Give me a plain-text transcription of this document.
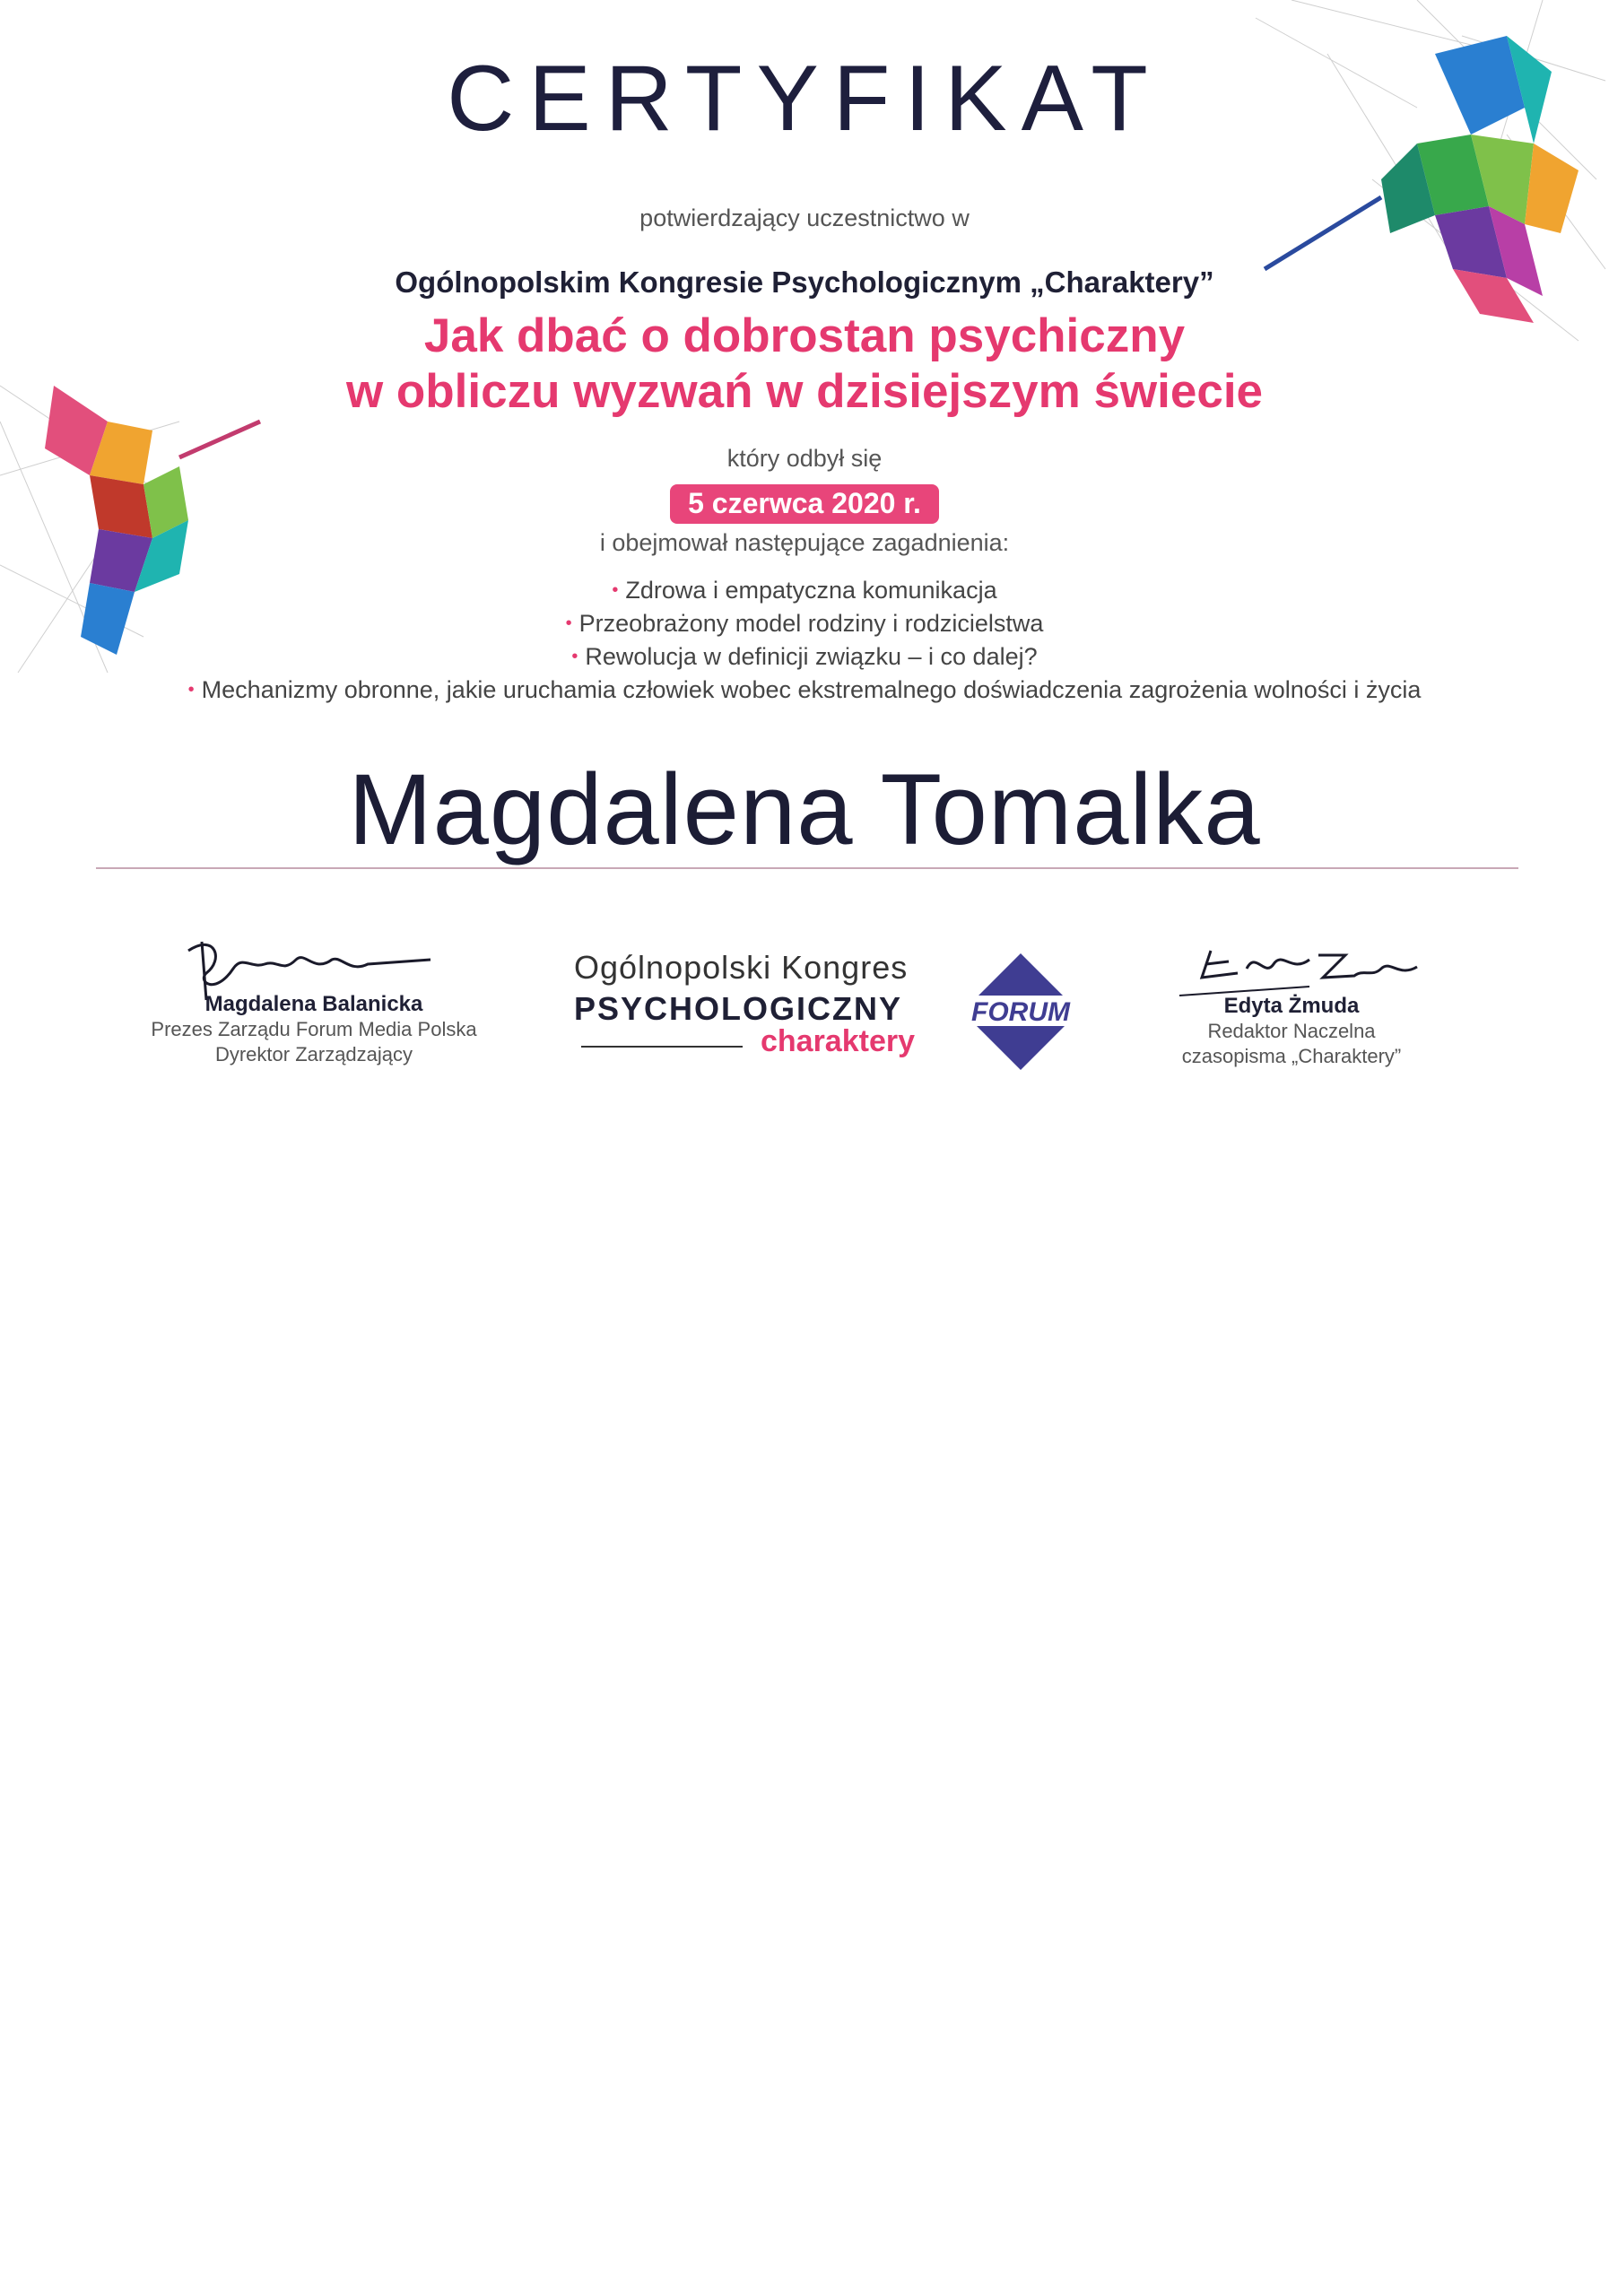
CERTYFIKAT
potwierdzający uczestnictwo w
Ogólnopolskim Kongresie Psychologicznym „Charaktery”
Jak dbać o dobrostan psychiczny
w obliczu wyzwań w dzisiejszym świecie
który odbył się
5 czerwca 2020 r.
i obejmował następujące zagadnienia:
• Zdrowa i empatyczna komunikacja
• Przeobrażony model rodziny i rodzicielstwa
• Rewolucja w definicji związku – i co dalej?
• Mechanizmy obronne, jakie uruchamia człowiek wobec ekstremalnego doświadczenia zagrożenia wolności i życia
Magdalena Tomalka
Magdalena Balanicka
Prezes Zarządu Forum Media Polska
Dyrektor Zarządzający
Ogólnopolski Kongres
PSYCHOLOGICZNY
charaktery
FORUM	Edyta Żmuda
Redaktor Naczelna
czasopisma „Charaktery”
